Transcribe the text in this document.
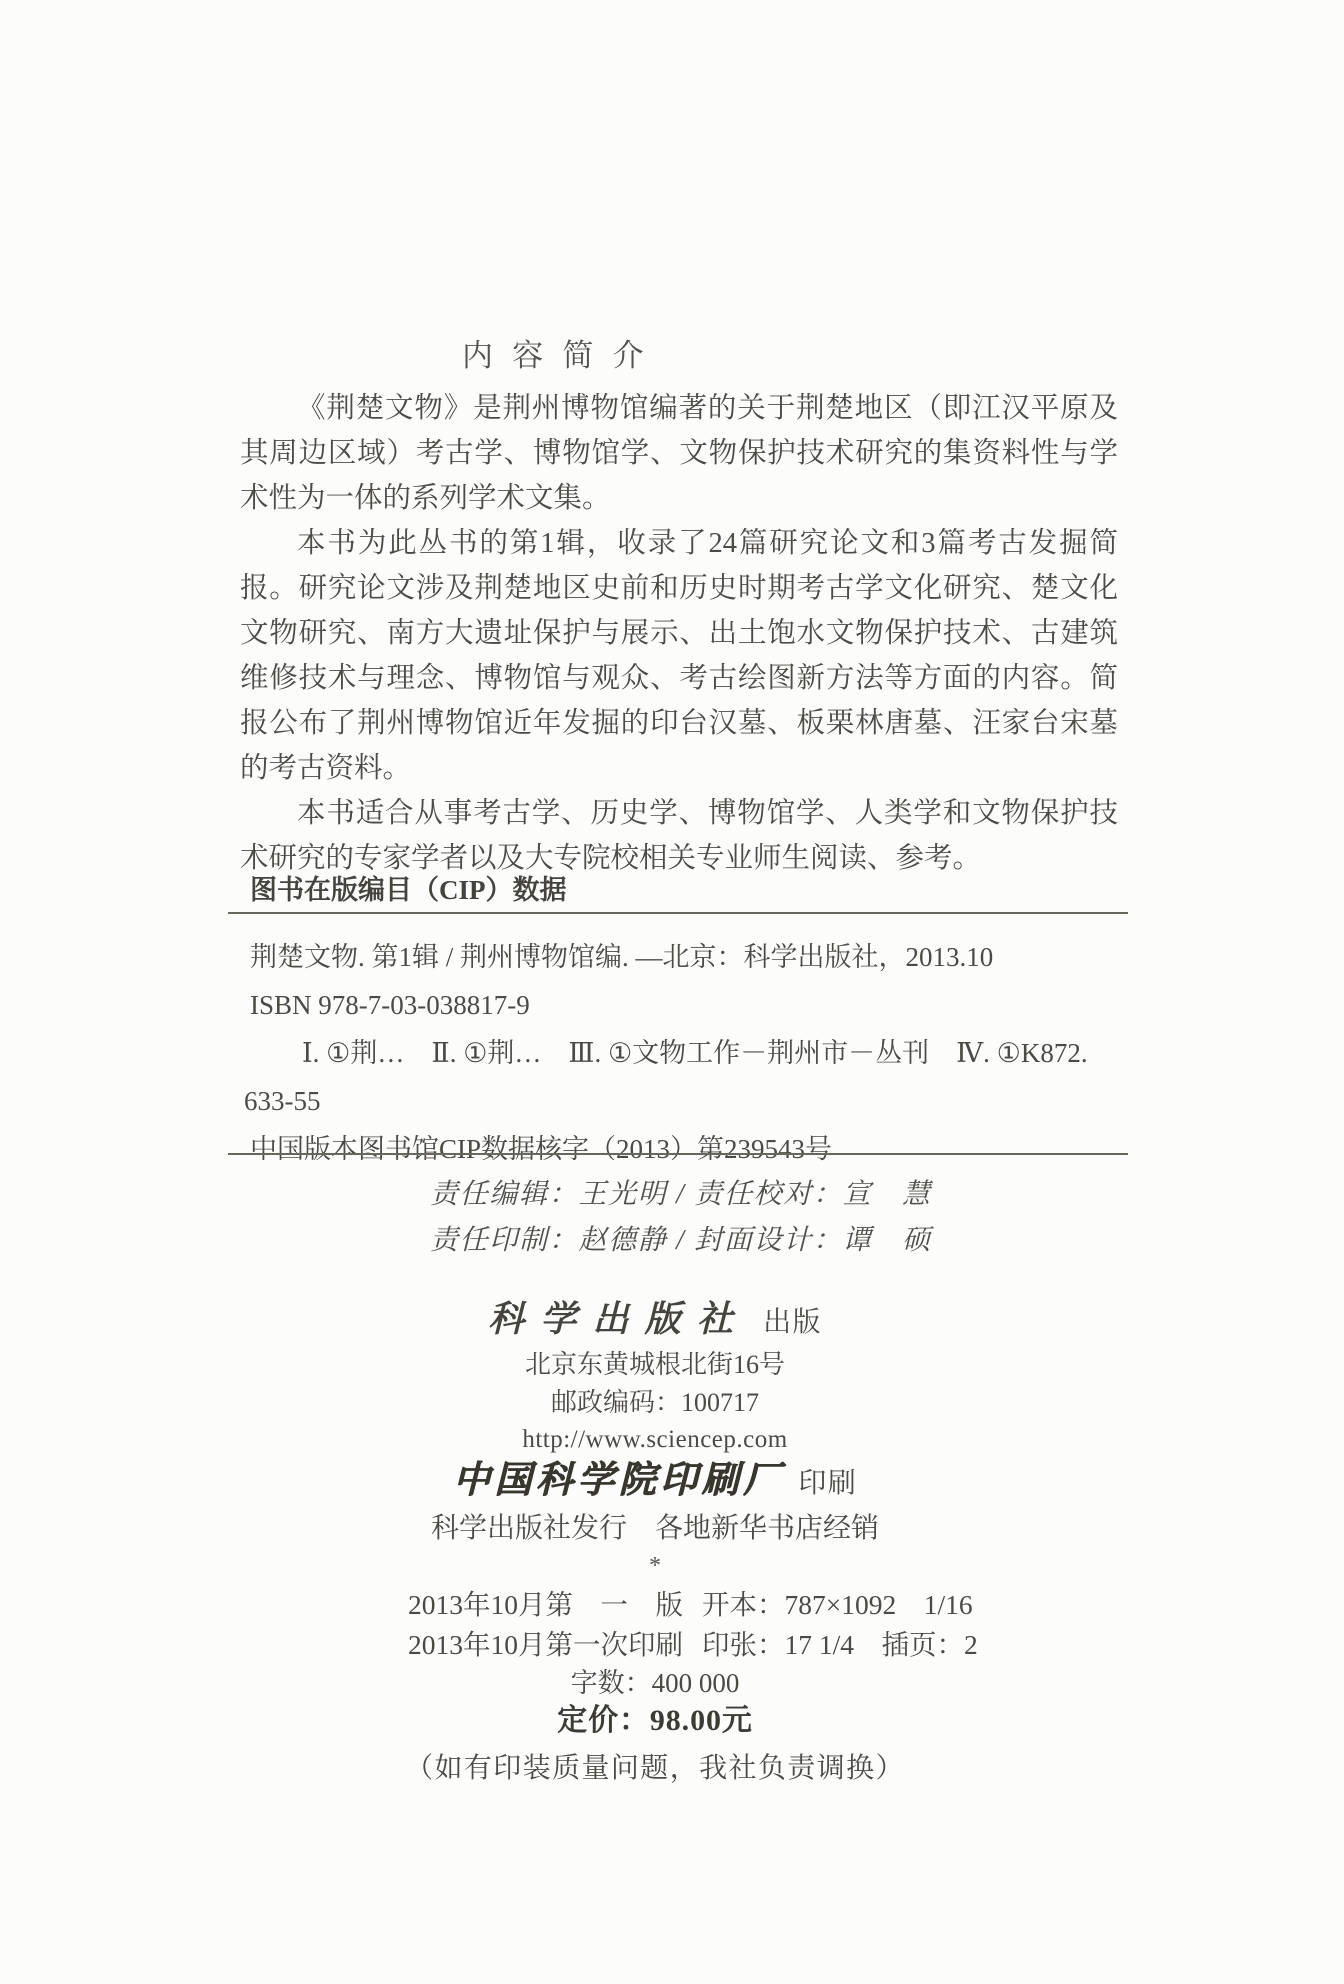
内容简介

《荆楚文物》是荆州博物馆编著的关于荆楚地区（即江汉平原及其周边区域）考古学、博物馆学、文物保护技术研究的集资料性与学术性为一体的系列学术文集。

本书为此丛书的第1辑，收录了24篇研究论文和3篇考古发掘简报。研究论文涉及荆楚地区史前和历史时期考古学文化研究、楚文化文物研究、南方大遗址保护与展示、出土饱水文物保护技术、古建筑维修技术与理念、博物馆与观众、考古绘图新方法等方面的内容。简报公布了荆州博物馆近年发掘的印台汉墓、板栗林唐墓、汪家台宋墓的考古资料。

本书适合从事考古学、历史学、博物馆学、人类学和文物保护技术研究的专家学者以及大专院校相关专业师生阅读、参考。

图书在版编目（CIP）数据
荆楚文物. 第1辑 / 荆州博物馆编. —北京：科学出版社，2013.10
ISBN 978-7-03-038817-9
Ⅰ. ①荆…　Ⅱ. ①荆…　Ⅲ. ①文物工作－荆州市－丛刊　Ⅳ. ①K872.
633-55
中国版本图书馆CIP数据核字（2013）第239543号
责任编辑：王光明 / 责任校对：宣　慧
责任印制：赵德静 / 封面设计：谭　硕
科学出版社 出版
北京东黄城根北街16号
邮政编码：100717
http://www.sciencep.com
中国科学院印刷厂 印刷
科学出版社发行　各地新华书店经销
*
2013年10月第　一　版 开本：787×1092　1/16
2013年10月第一次印刷 印张：17 1/4　插页：2
字数：400 000
定价：98.00元
（如有印装质量问题，我社负责调换）
